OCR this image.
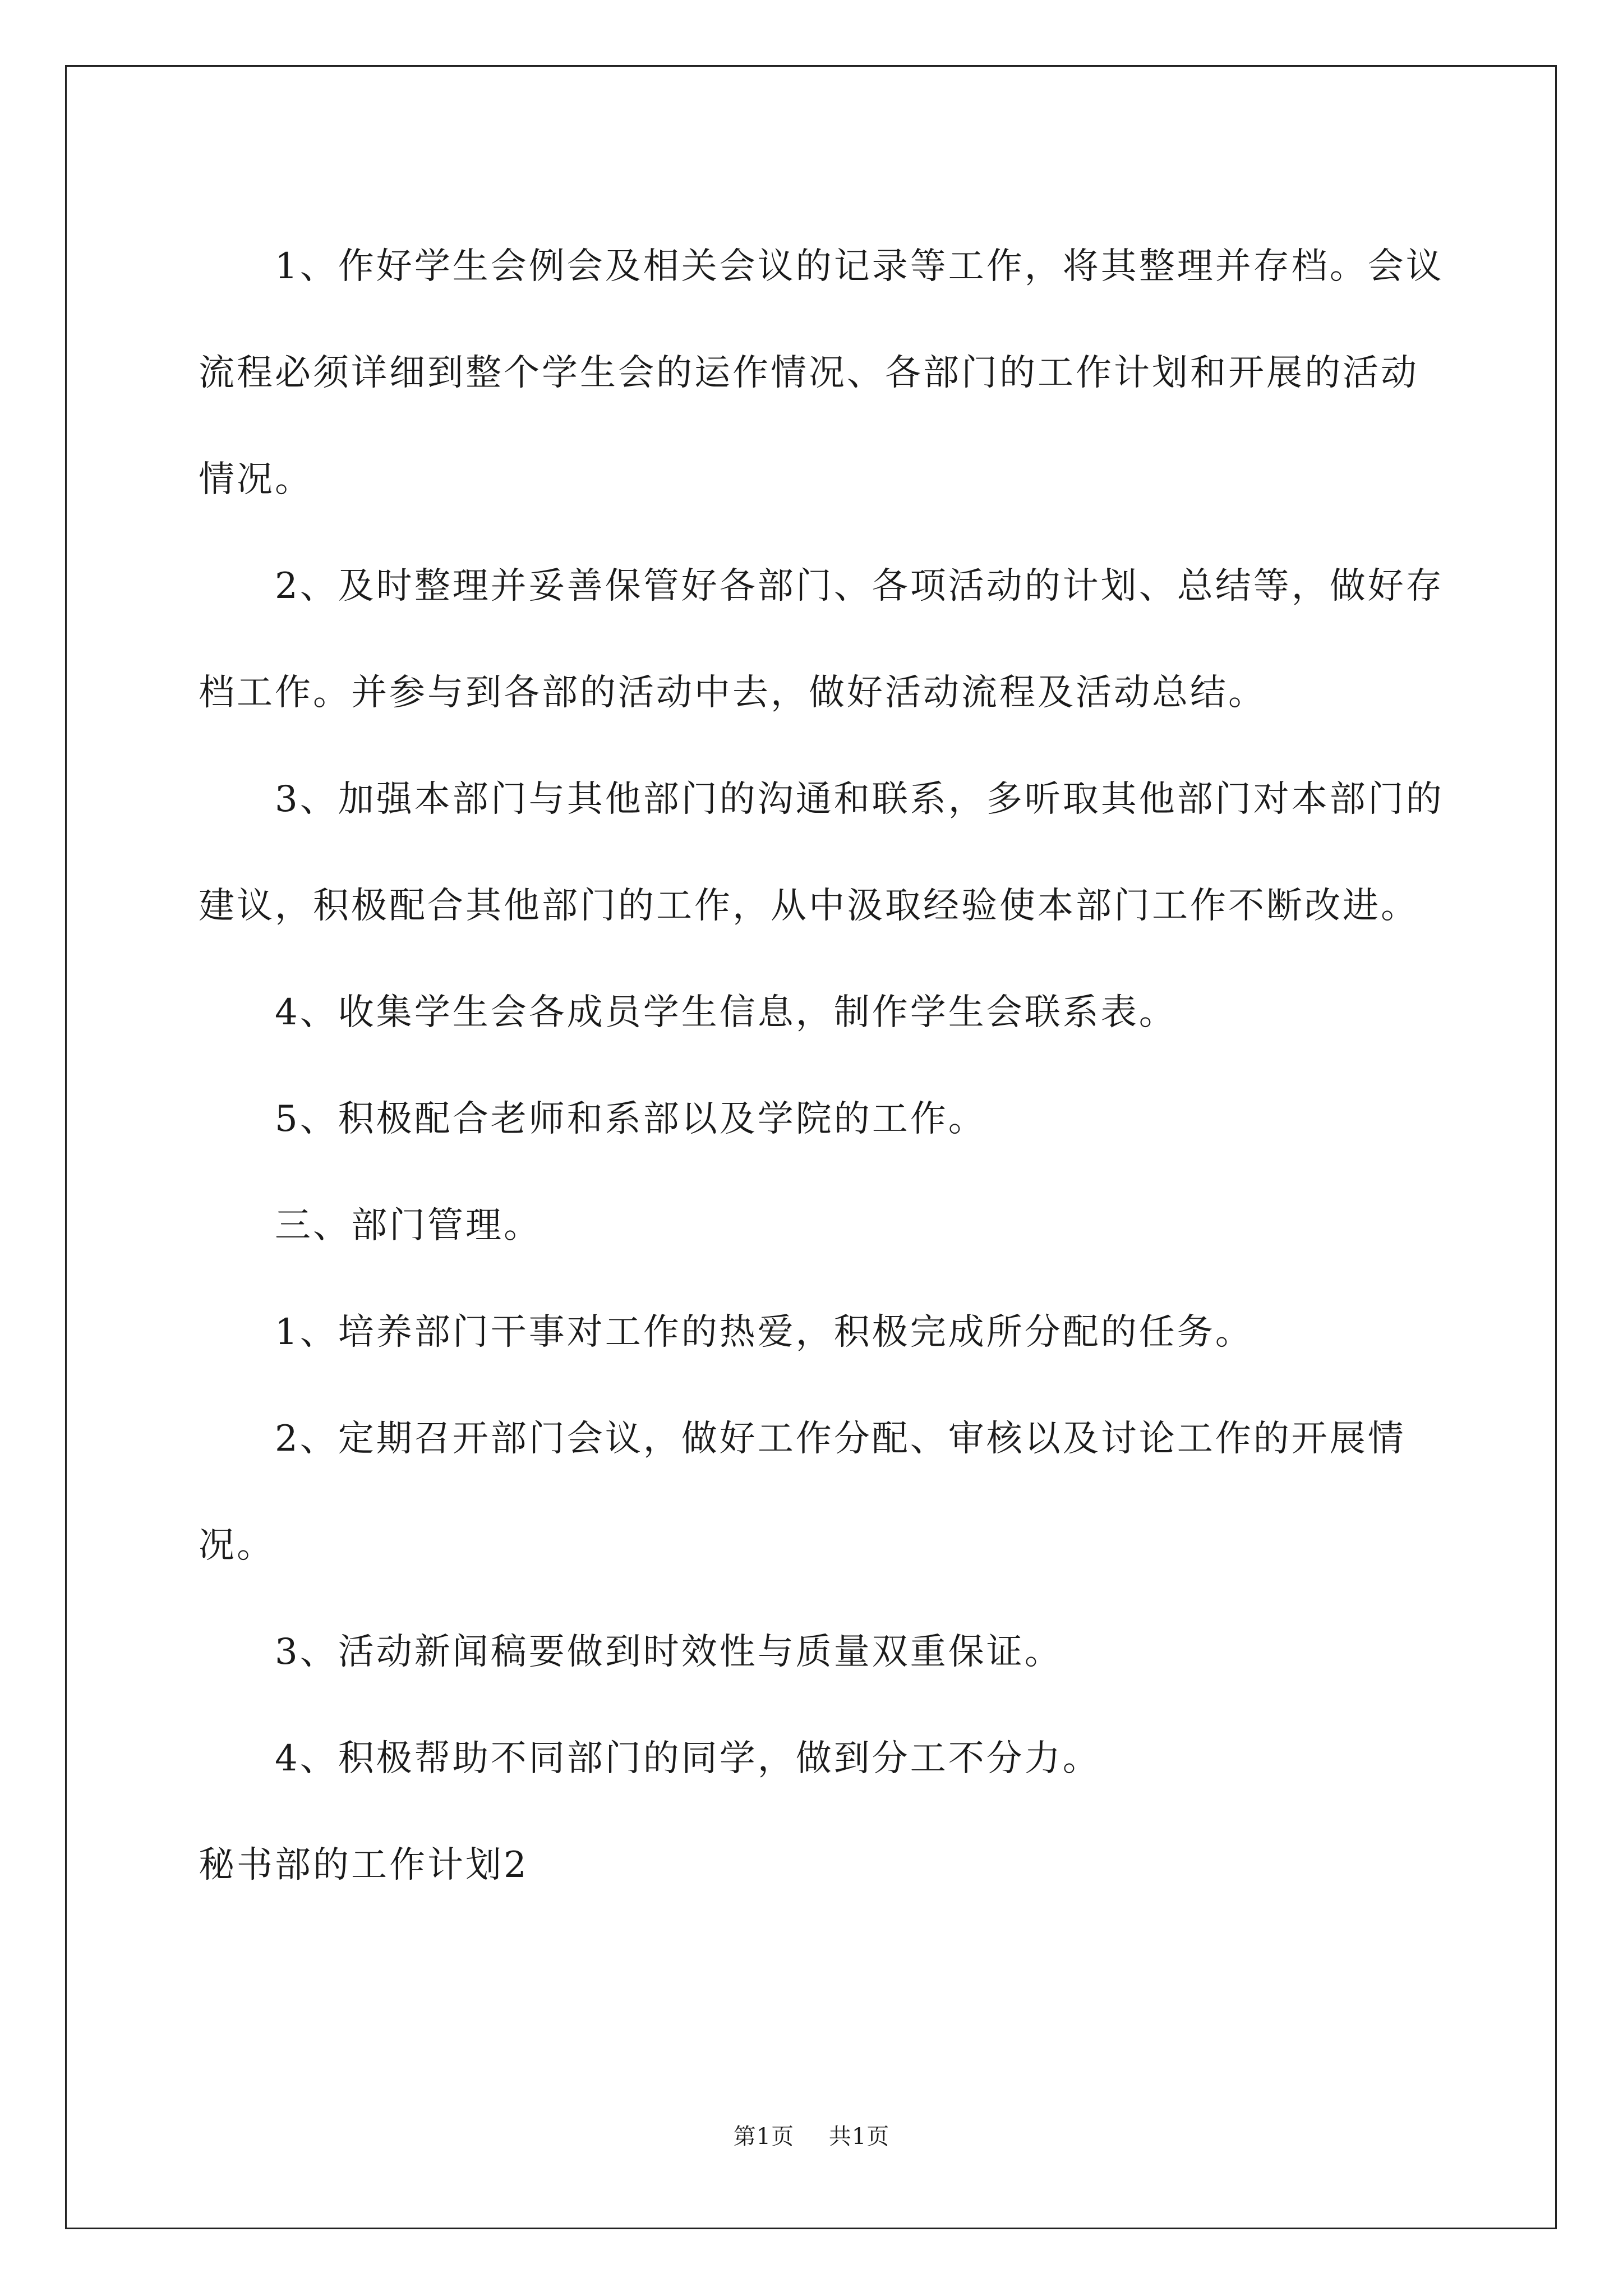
1、作好学生会例会及相关会议的记录等工作，将其整理并存档。会议流程必须详细到整个学生会的运作情况、各部门的工作计划和开展的活动情况。

2、及时整理并妥善保管好各部门、各项活动的计划、总结等，做好存档工作。并参与到各部的活动中去，做好活动流程及活动总结。

3、加强本部门与其他部门的沟通和联系，多听取其他部门对本部门的建议，积极配合其他部门的工作，从中汲取经验使本部门工作不断改进。

4、收集学生会各成员学生信息，制作学生会联系表。

5、积极配合老师和系部以及学院的工作。

三、部门管理。

1、培养部门干事对工作的热爱，积极完成所分配的任务。

2、定期召开部门会议，做好工作分配、审核以及讨论工作的开展情况。

3、活动新闻稿要做到时效性与质量双重保证。

4、积极帮助不同部门的同学，做到分工不分力。

秘书部的工作计划2

第1页 共1页
